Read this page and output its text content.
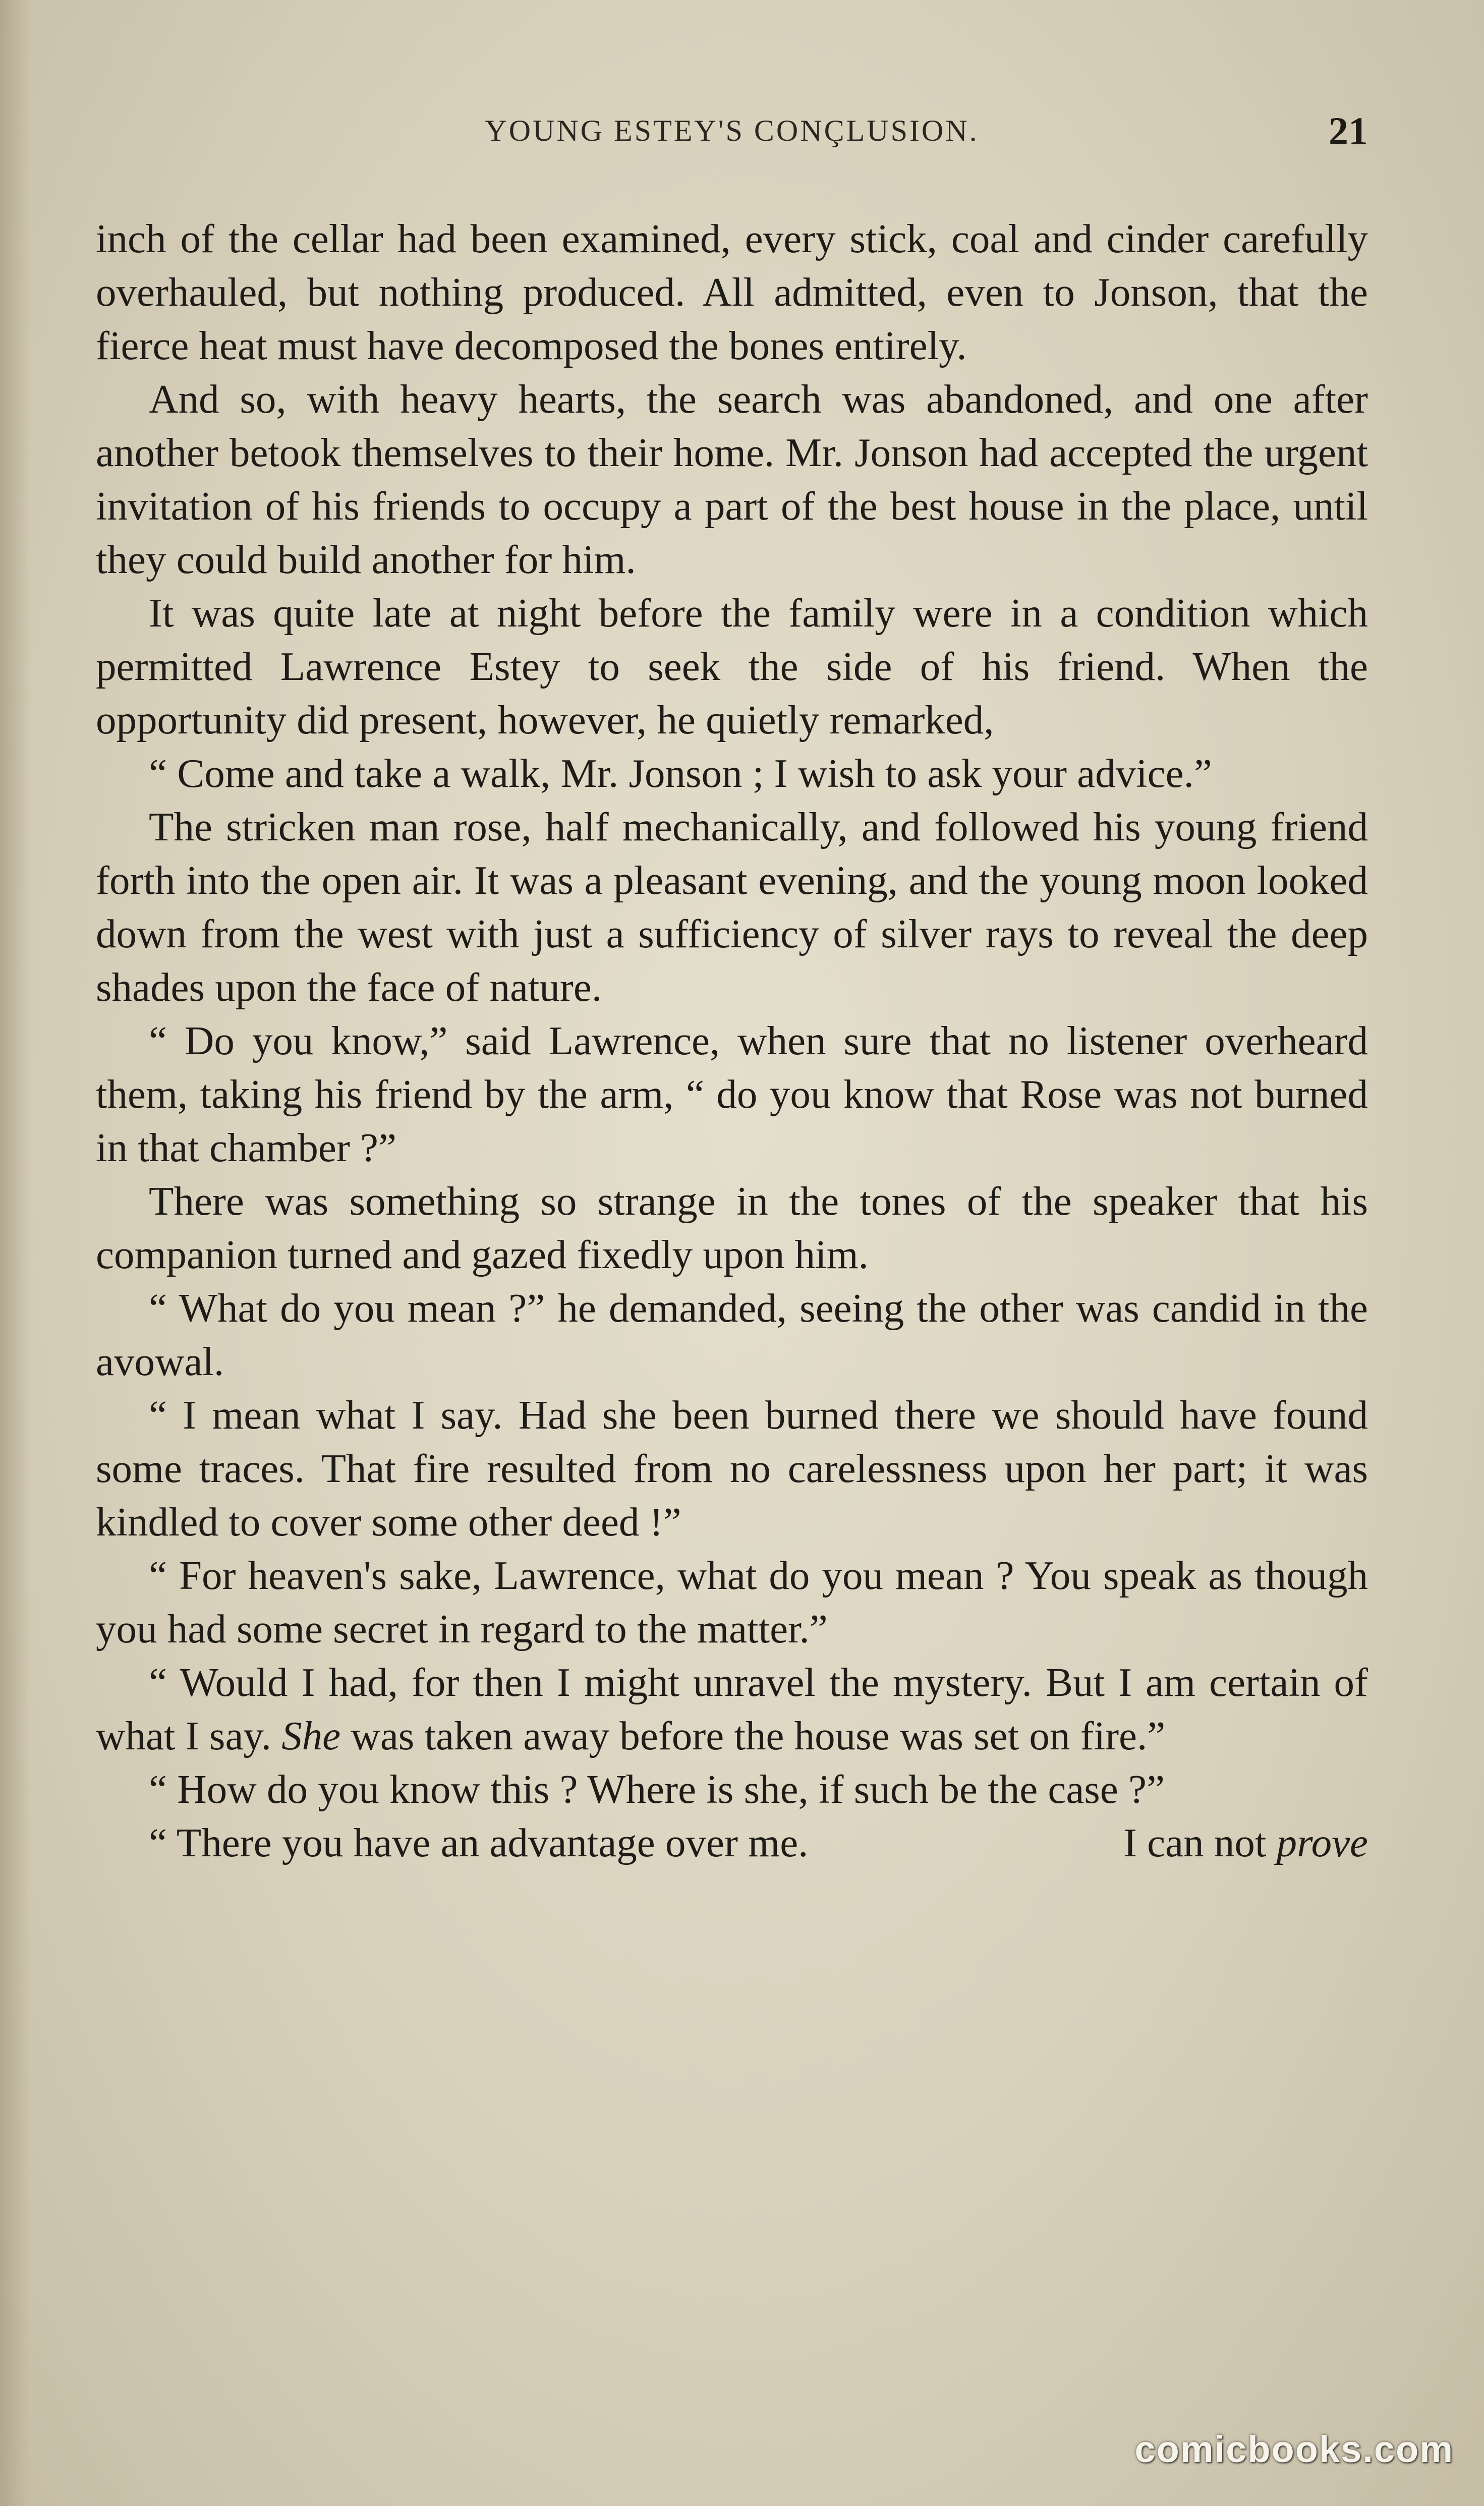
YOUNG ESTEY'S CONÇLUSION.	21

inch of the cellar had been examined, every stick, coal and cinder carefully overhauled, but nothing produced. All admitted, even to Jonson, that the fierce heat must have decomposed the bones entirely.

And so, with heavy hearts, the search was abandoned, and one after another betook themselves to their home. Mr. Jonson had accepted the urgent invitation of his friends to occupy a part of the best house in the place, until they could build another for him.

It was quite late at night before the family were in a condition which permitted Lawrence Estey to seek the side of his friend. When the opportunity did present, however, he quietly remarked,

“ Come and take a walk, Mr. Jonson ; I wish to ask your advice.”

The stricken man rose, half mechanically, and followed his young friend forth into the open air. It was a pleasant evening, and the young moon looked down from the west with just a sufficiency of silver rays to reveal the deep shades upon the face of nature.

“ Do you know,” said Lawrence, when sure that no listener overheard them, taking his friend by the arm, “ do you know that Rose was not burned in that chamber ?”

There was something so strange in the tones of the speaker that his companion turned and gazed fixedly upon him.

“ What do you mean ?” he demanded, seeing the other was candid in the avowal.

“ I mean what I say. Had she been burned there we should have found some traces. That fire resulted from no carelessness upon her part; it was kindled to cover some other deed !”

“ For heaven's sake, Lawrence, what do you mean ? You speak as though you had some secret in regard to the matter.”

“ Would I had, for then I might unravel the mystery. But I am certain of what I say. She was taken away before the house was set on fire.”

“ How do you know this ? Where is she, if such be the case ?”

“ There you have an advantage over me.	I can not prove
comicbooks.com
